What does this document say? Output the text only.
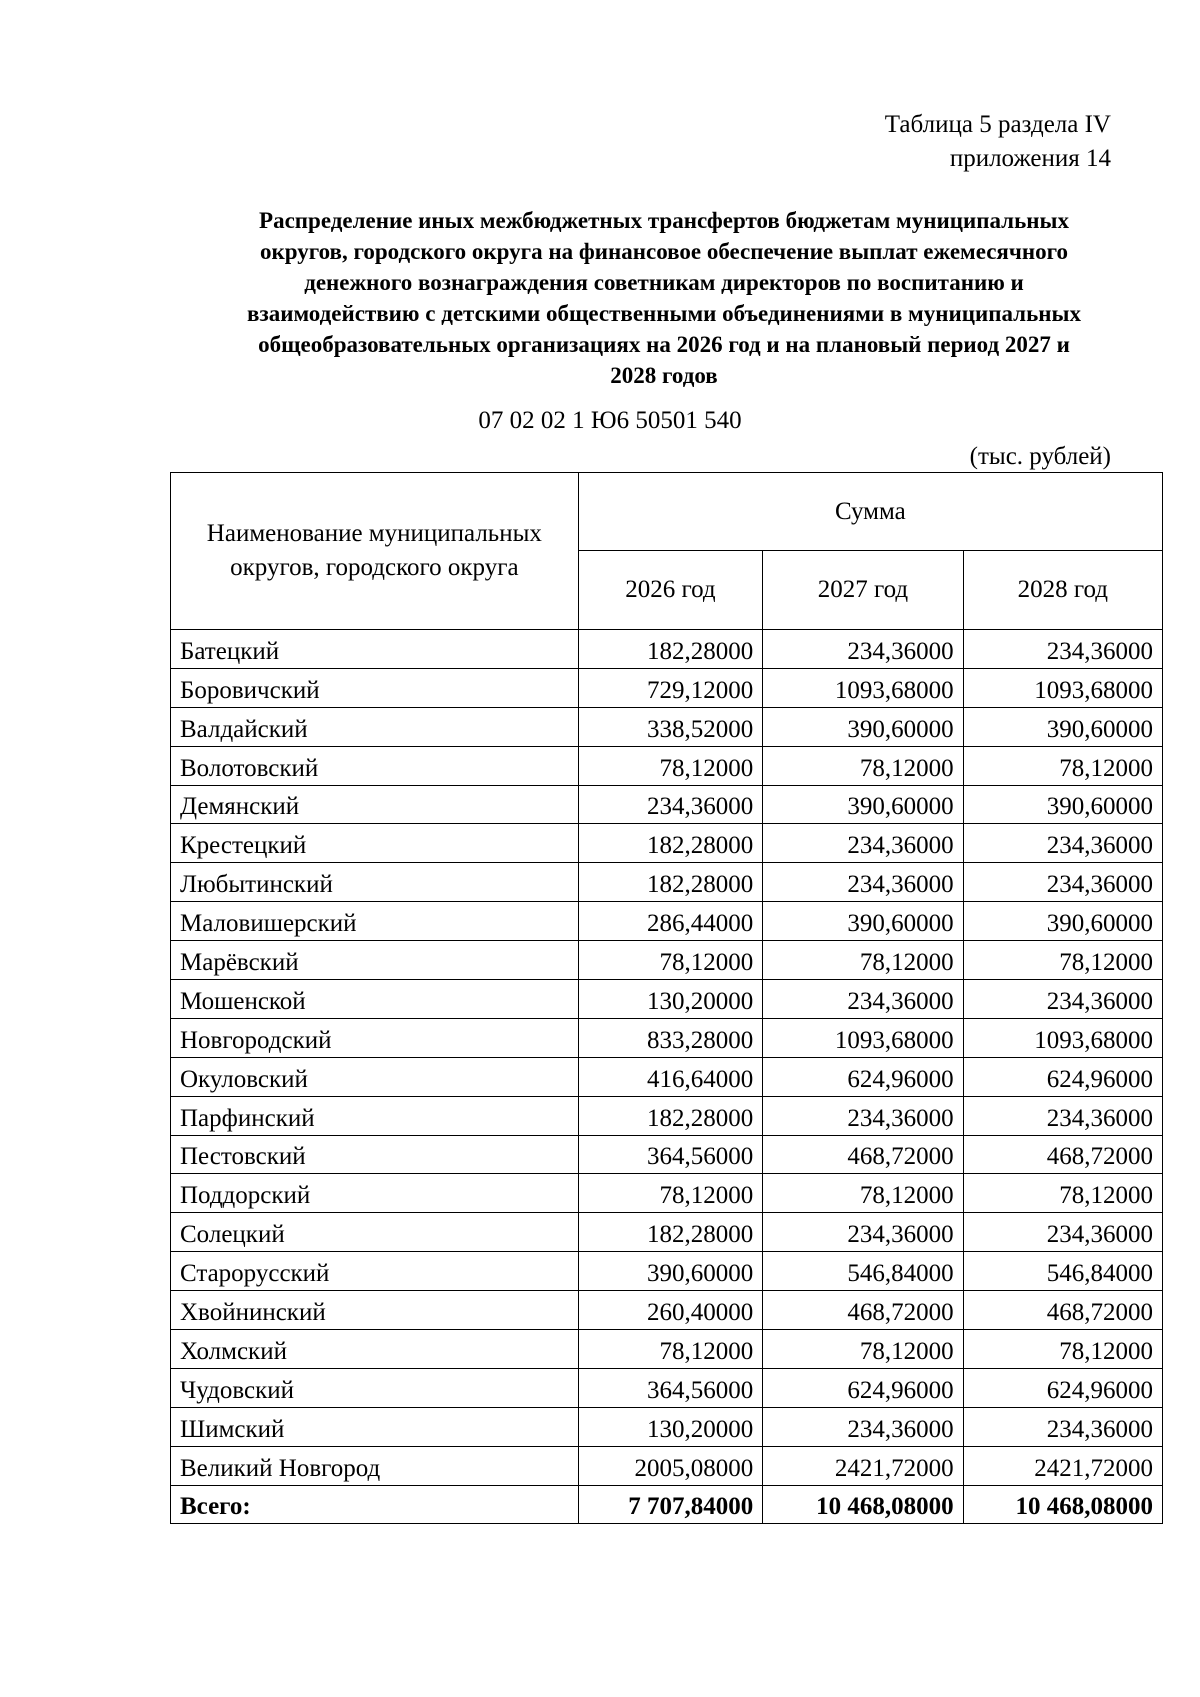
Таблица 5 раздела IV
приложения 14
Распределение иных межбюджетных трансфертов бюджетам муниципальных
округов, городского округа на финансовое обеспечение выплат ежемесячного
денежного вознаграждения советникам директоров по воспитанию и
взаимодействию с детскими общественными объединениями в муниципальных
общеобразовательных организациях на 2026 год и на плановый период 2027 и
2028 годов
07 02 02 1 Ю6 50501 540
(тыс. рублей)
Наименование муниципальных
округов, городского округа	Сумма		
	2026 год	2027 год	2028 год
Батецкий	182,28000	234,36000	234,36000
Боровичский	729,12000	1093,68000	1093,68000
Валдайский	338,52000	390,60000	390,60000
Волотовский	78,12000	78,12000	78,12000
Демянский	234,36000	390,60000	390,60000
Крестецкий	182,28000	234,36000	234,36000
Любытинский	182,28000	234,36000	234,36000
Маловишерский	286,44000	390,60000	390,60000
Марёвский	78,12000	78,12000	78,12000
Мошенской	130,20000	234,36000	234,36000
Новгородский	833,28000	1093,68000	1093,68000
Окуловский	416,64000	624,96000	624,96000
Парфинский	182,28000	234,36000	234,36000
Пестовский	364,56000	468,72000	468,72000
Поддорский	78,12000	78,12000	78,12000
Солецкий	182,28000	234,36000	234,36000
Старорусский	390,60000	546,84000	546,84000
Хвойнинский	260,40000	468,72000	468,72000
Холмский	78,12000	78,12000	78,12000
Чудовский	364,56000	624,96000	624,96000
Шимский	130,20000	234,36000	234,36000
Великий Новгород	2005,08000	2421,72000	2421,72000
Всего:	7 707,84000	10 468,08000	10 468,08000
